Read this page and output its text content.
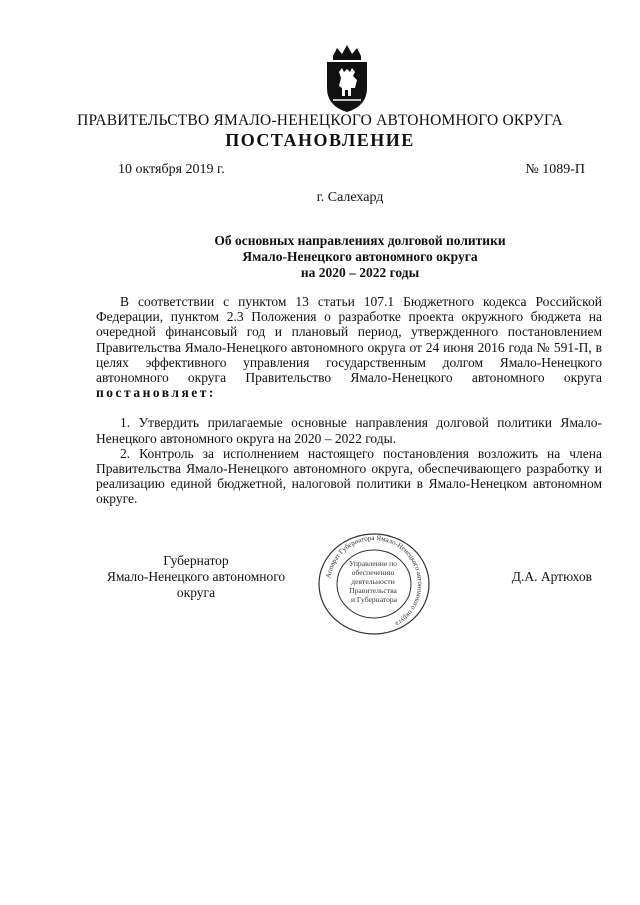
ПРАВИТЕЛЬСТВО ЯМАЛО-НЕНЕЦКОГО АВТОНОМНОГО ОКРУГА
ПОСТАНОВЛЕНИЕ
10 октября 2019 г.	№ 1089-П
г. Салехард
Об основных направлениях долговой политики
Ямало-Ненецкого автономного округа
на 2020 – 2022 годы

В соответствии с пунктом 13 статьи 107.1 Бюджетного кодекса Российской Федерации, пунктом 2.3 Положения о разработке проекта окружного бюджета на очередной финансовый год и плановый период, утвержденного постановлением Правительства Ямало-Ненецкого автономного округа от 24 июня 2016 года № 591-П, в целях эффективного управления государственным долгом Ямало-Ненецкого автономного округа Правительство Ямало-Ненецкого автономного округа постановляет:

1. Утвердить прилагаемые основные направления долговой политики Ямало-Ненецкого автономного округа на 2020 – 2022 годы.

2. Контроль за исполнением настоящего постановления возложить на члена Правительства Ямало-Ненецкого автономного округа, обеспечивающего разработку и реализацию единой бюджетной, налоговой политики в Ямало-Ненецком автономном округе.

Губернатор
Ямало-Ненецкого автономного округа
Аппарат Губернатора Ямало-Ненецкого автономного округа
Управление по обеспечению деятельности Правительства и Губернатора
Д.А. Артюхов
